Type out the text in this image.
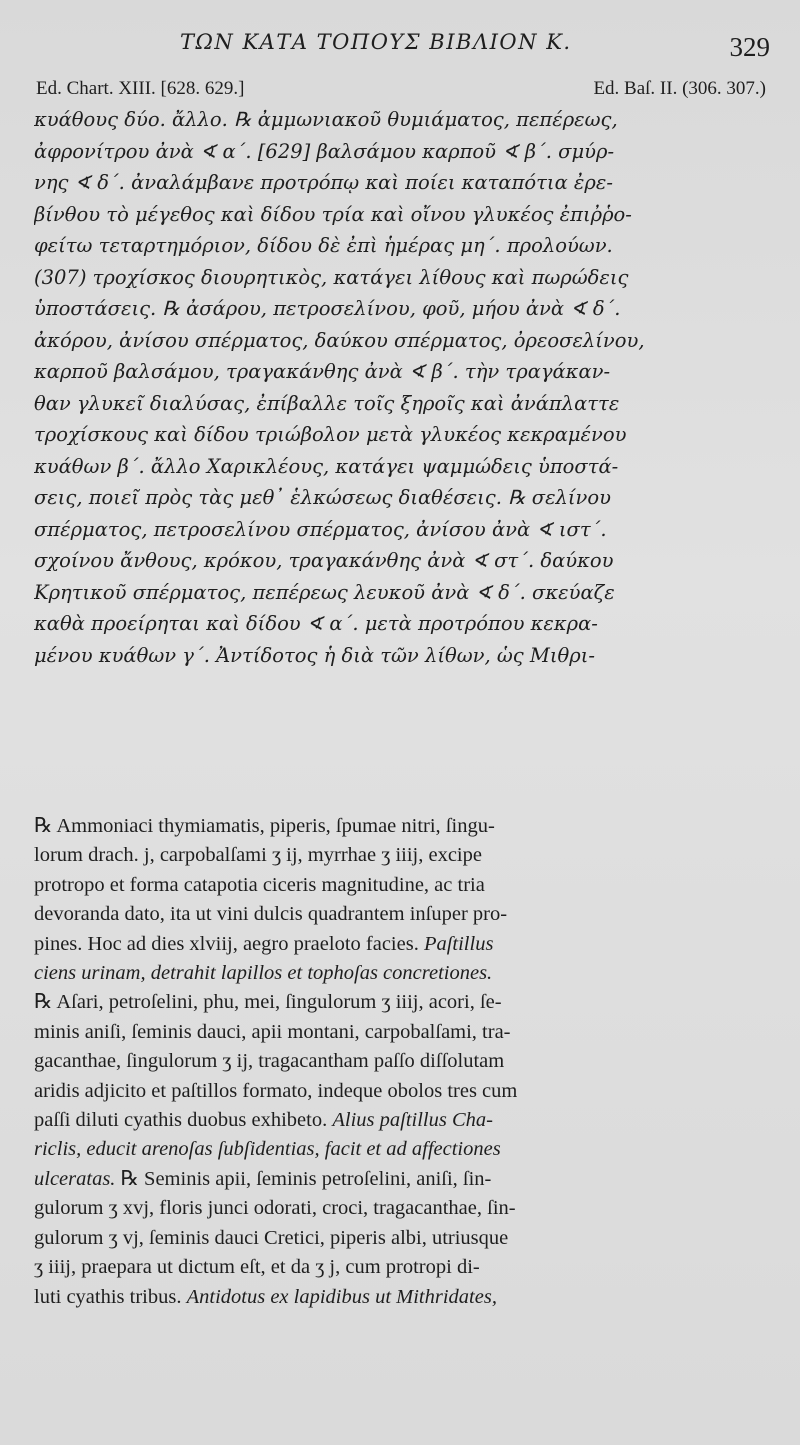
ΤΩΝ ΚΑΤΑ ΤΟΠΟΥΣ ΒΙΒΛΙΟΝ Κ.	329
Ed. Chart. XIII. [628. 629.]	Ed. Baſ. II. (306. 307.)
κυάθους δύο. ἄλλο. ℞ ἀμμωνιακοῦ θυμιάματος, πεπέρεως,
ἀφρονίτρου ἀνὰ ∢ α΄. [629] βαλσάμου καρποῦ ∢ β΄. σμύρ-
νης ∢ δ΄. ἀναλάμβανε προτρόπῳ καὶ ποίει καταπότια ἐρε-
βίνθου τὸ μέγεθος καὶ δίδου τρία καὶ οἴνου γλυκέος ἐπιῤῥο-
φείτω τεταρτημόριον, δίδου δὲ ἐπὶ ἡμέρας μη΄. προλούων.
(307) τροχίσκος διουρητικὸς, κατάγει λίθους καὶ πωρώδεις
ὑποστάσεις. ℞ ἀσάρου, πετροσελίνου, φοῦ, μήου ἀνὰ ∢ δ΄.
ἀκόρου, ἀνίσου σπέρματος, δαύκου σπέρματος, ὀρεοσελίνου,
καρποῦ βαλσάμου, τραγακάνθης ἀνὰ ∢ β΄. τὴν τραγάκαν-
θαν γλυκεῖ διαλύσας, ἐπίβαλλε τοῖς ξηροῖς καὶ ἀνάπλαττε
τροχίσκους καὶ δίδου τριώβολον μετὰ γλυκέος κεκραμένου
κυάθων β΄. ἄλλο Χαρικλέους, κατάγει ψαμμώδεις ὑποστά-
σεις, ποιεῖ πρὸς τὰς μεθ᾽ ἑλκώσεως διαθέσεις. ℞ σελίνου
σπέρματος, πετροσελίνου σπέρματος, ἀνίσου ἀνὰ ∢ ιστ΄.
σχοίνου ἄνθους, κρόκου, τραγακάνθης ἀνὰ ∢ στ΄. δαύκου
Κρητικοῦ σπέρματος, πεπέρεως λευκοῦ ἀνὰ ∢ δ΄. σκεύαζε
καθὰ προείρηται καὶ δίδου ∢ α΄. μετὰ προτρόπου κεκρα-
μένου κυάθων γ΄. Ἀντίδοτος ἡ διὰ τῶν λίθων, ὡς Μιθρι-
℞ Ammoniaci thymiamatis, piperis, ſpumae nitri, ſingu-
lorum drach. j, carpobalſami ʒ ij, myrrhae ʒ iiij, excipe
protropo et forma catapotia ciceris magnitudine, ac tria
devoranda dato, ita ut vini dulcis quadrantem inſuper pro-
pines. Hoc ad dies xlviij, aegro praeloto facies. Paſtillus
ciens urinam, detrahit lapillos et tophoſas concretiones.
℞ Aſari, petroſelini, phu, mei, ſingulorum ʒ iiij, acori, ſe-
minis aniſi, ſeminis dauci, apii montani, carpobalſami, tra-
gacanthae, ſingulorum ʒ ij, tragacantham paſſo diſſolutam
aridis adjicito et paſtillos formato, indeque obolos tres cum
paſſi diluti cyathis duobus exhibeto. Alius paſtillus Cha-
riclis, educit arenoſas ſubſidentias, facit et ad affectiones
ulceratas. ℞ Seminis apii, ſeminis petroſelini, aniſi, ſin-
gulorum ʒ xvj, floris junci odorati, croci, tragacanthae, ſin-
gulorum ʒ vj, ſeminis dauci Cretici, piperis albi, utriusque
ʒ iiij, praepara ut dictum eſt, et da ʒ j, cum protropi di-
luti cyathis tribus. Antidotus ex lapidibus ut Mithridates,
